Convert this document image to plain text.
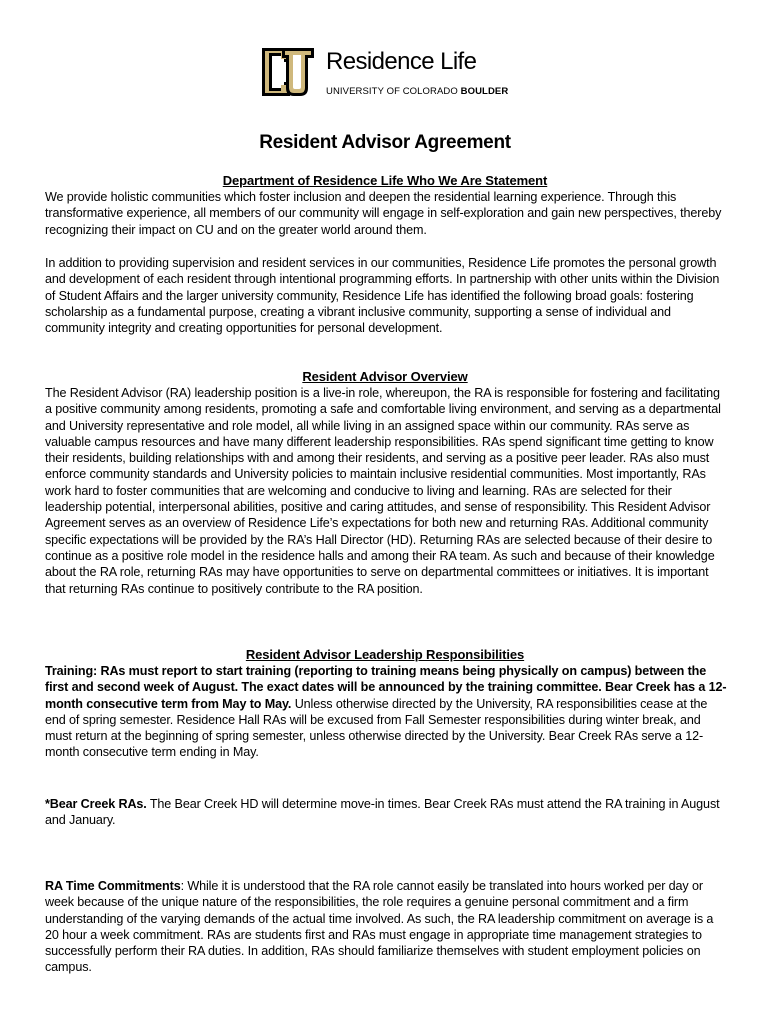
Residence Life
UNIVERSITY OF COLORADO BOULDER
Resident Advisor Agreement
Department of Residence Life Who We Are Statement

We provide holistic communities which foster inclusion and deepen the residential learning experience. Through this transformative experience, all members of our community will engage in self-exploration and gain new perspectives, thereby recognizing their impact on CU and on the greater world around them.

In addition to providing supervision and resident services in our communities, Residence Life promotes the personal growth and development of each resident through intentional programming efforts. In partnership with other units within the Division of Student Affairs and the larger university community, Residence Life has identified the following broad goals: fostering scholarship as a fundamental purpose, creating a vibrant inclusive community, supporting a sense of individual and community integrity and creating opportunities for personal development.

Resident Advisor Overview

The Resident Advisor (RA) leadership position is a live-in role, whereupon, the RA is responsible for fostering and facilitating a positive community among residents, promoting a safe and comfortable living environment, and serving as a departmental and University representative and role model, all while living in an assigned space within our community. RAs serve as valuable campus resources and have many different leadership responsibilities. RAs spend significant time getting to know their residents, building relationships with and among their residents, and serving as a positive peer leader. RAs also must enforce community standards and University policies to maintain inclusive residential communities. Most importantly, RAs work hard to foster communities that are welcoming and conducive to living and learning. RAs are selected for their leadership potential, interpersonal abilities, positive and caring attitudes, and sense of responsibility. This Resident Advisor Agreement serves as an overview of Residence Life’s expectations for both new and returning RAs. Additional community specific expectations will be provided by the RA’s Hall Director (HD). Returning RAs are selected because of their desire to continue as a positive role model in the residence halls and among their RA team. As such and because of their knowledge about the RA role, returning RAs may have opportunities to serve on departmental committees or initiatives. It is important that returning RAs continue to positively contribute to the RA position.

Resident Advisor Leadership Responsibilities

Training: RAs must report to start training (reporting to training means being physically on campus) between the first and second week of August. The exact dates will be announced by the training committee. Bear Creek has a 12-month consecutive term from May to May. Unless otherwise directed by the University, RA responsibilities cease at the end of spring semester. Residence Hall RAs will be excused from Fall Semester responsibilities during winter break, and must return at the beginning of spring semester, unless otherwise directed by the University. Bear Creek RAs serve a 12-month consecutive term ending in May.

*Bear Creek RAs. The Bear Creek HD will determine move-in times. Bear Creek RAs must attend the RA training in August and January.

RA Time Commitments: While it is understood that the RA role cannot easily be translated into hours worked per day or week because of the unique nature of the responsibilities, the role requires a genuine personal commitment and a firm understanding of the varying demands of the actual time involved. As such, the RA leadership commitment on average is a 20 hour a week commitment. RAs are students first and RAs must engage in appropriate time management strategies to successfully perform their RA duties. In addition, RAs should familiarize themselves with student employment policies on campus.
